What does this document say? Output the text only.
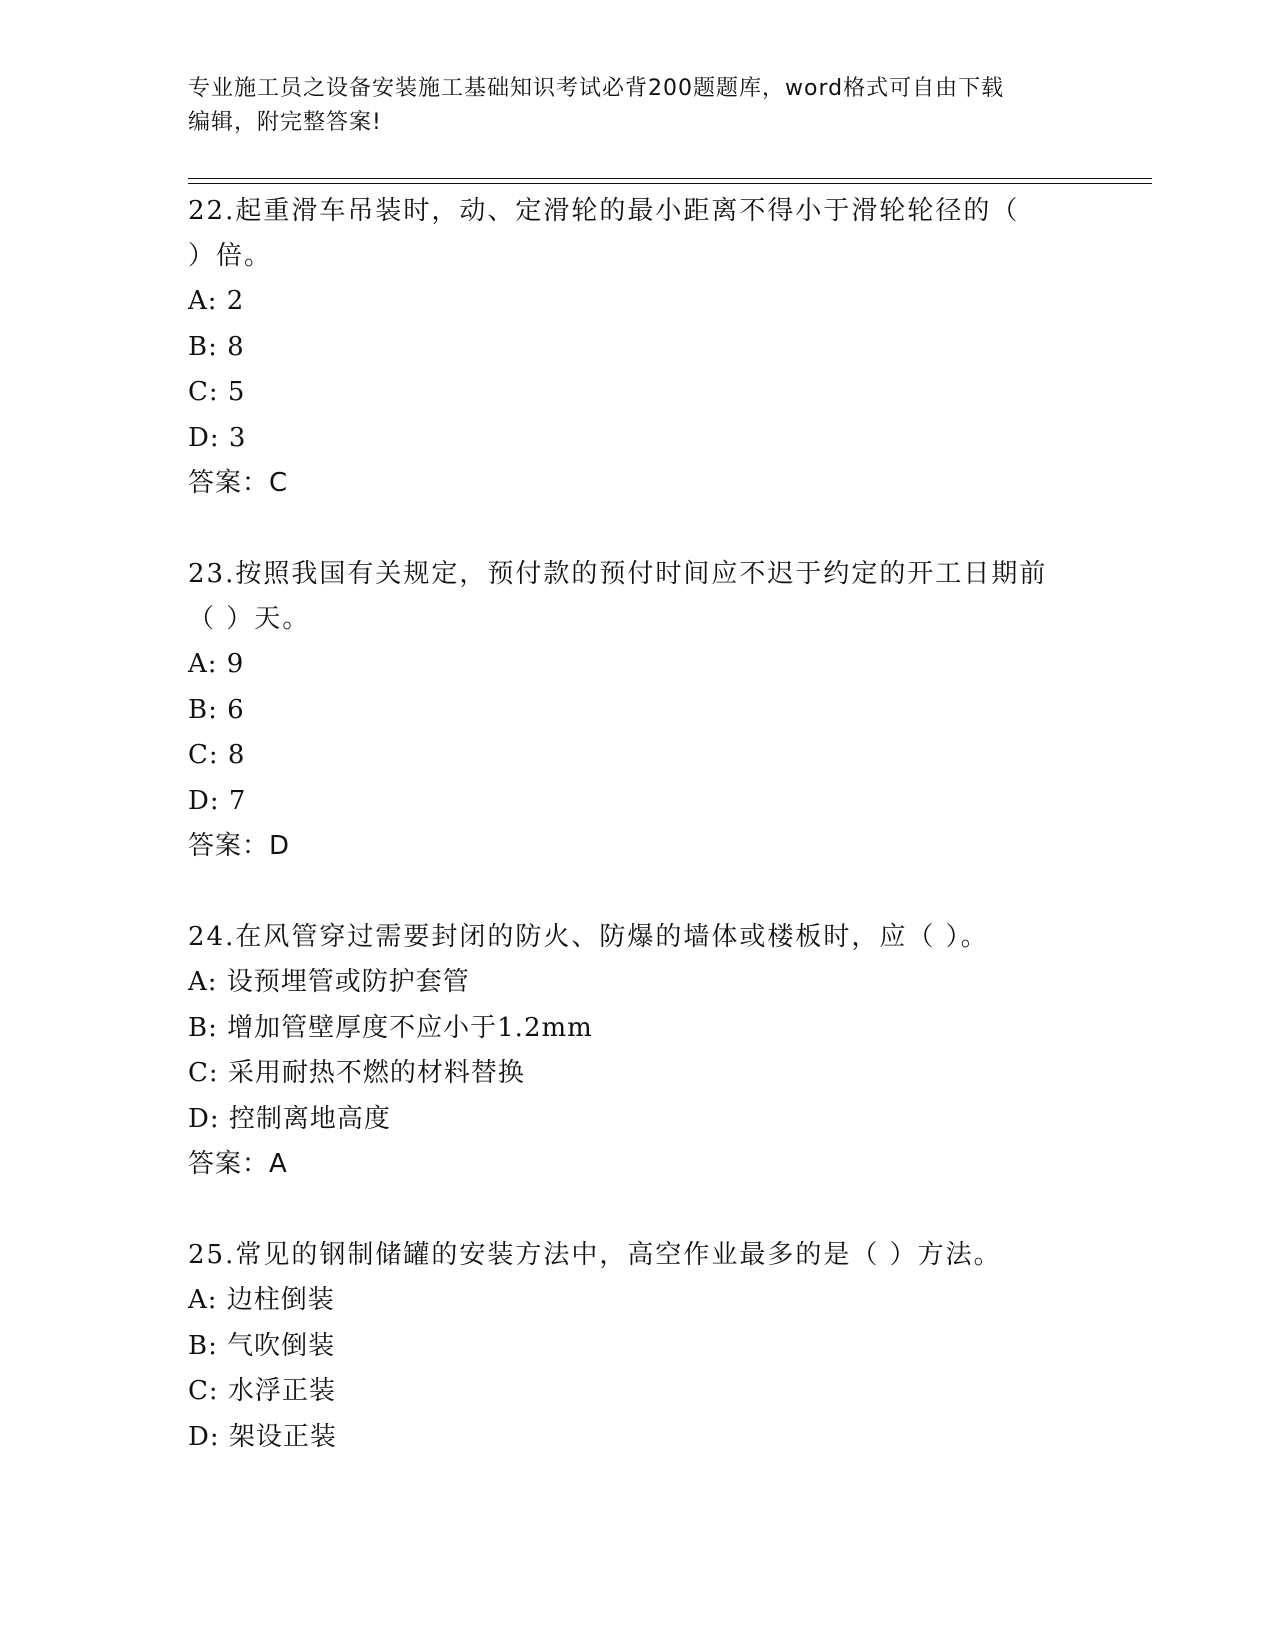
专业施工员之设备安装施工基础知识考试必背200题题库，word格式可自由下载
编辑，附完整答案!

22.起重滑车吊装时，动、定滑轮的最小距离不得小于滑轮轮径的（

）倍。

A: 2

B: 8

C: 5

D: 3

答案：C

23.按照我国有关规定，预付款的预付时间应不迟于约定的开工日期前

（ ）天。

A: 9

B: 6

C: 8

D: 7

答案：D

24.在风管穿过需要封闭的防火、防爆的墙体或楼板时，应（ ）。

A: 设预埋管或防护套管

B: 增加管壁厚度不应小于1.2mm

C: 采用耐热不燃的材料替换

D: 控制离地高度

答案：A

25.常见的钢制储罐的安装方法中，高空作业最多的是（ ）方法。

A: 边柱倒装

B: 气吹倒装

C: 水浮正装

D: 架设正装
